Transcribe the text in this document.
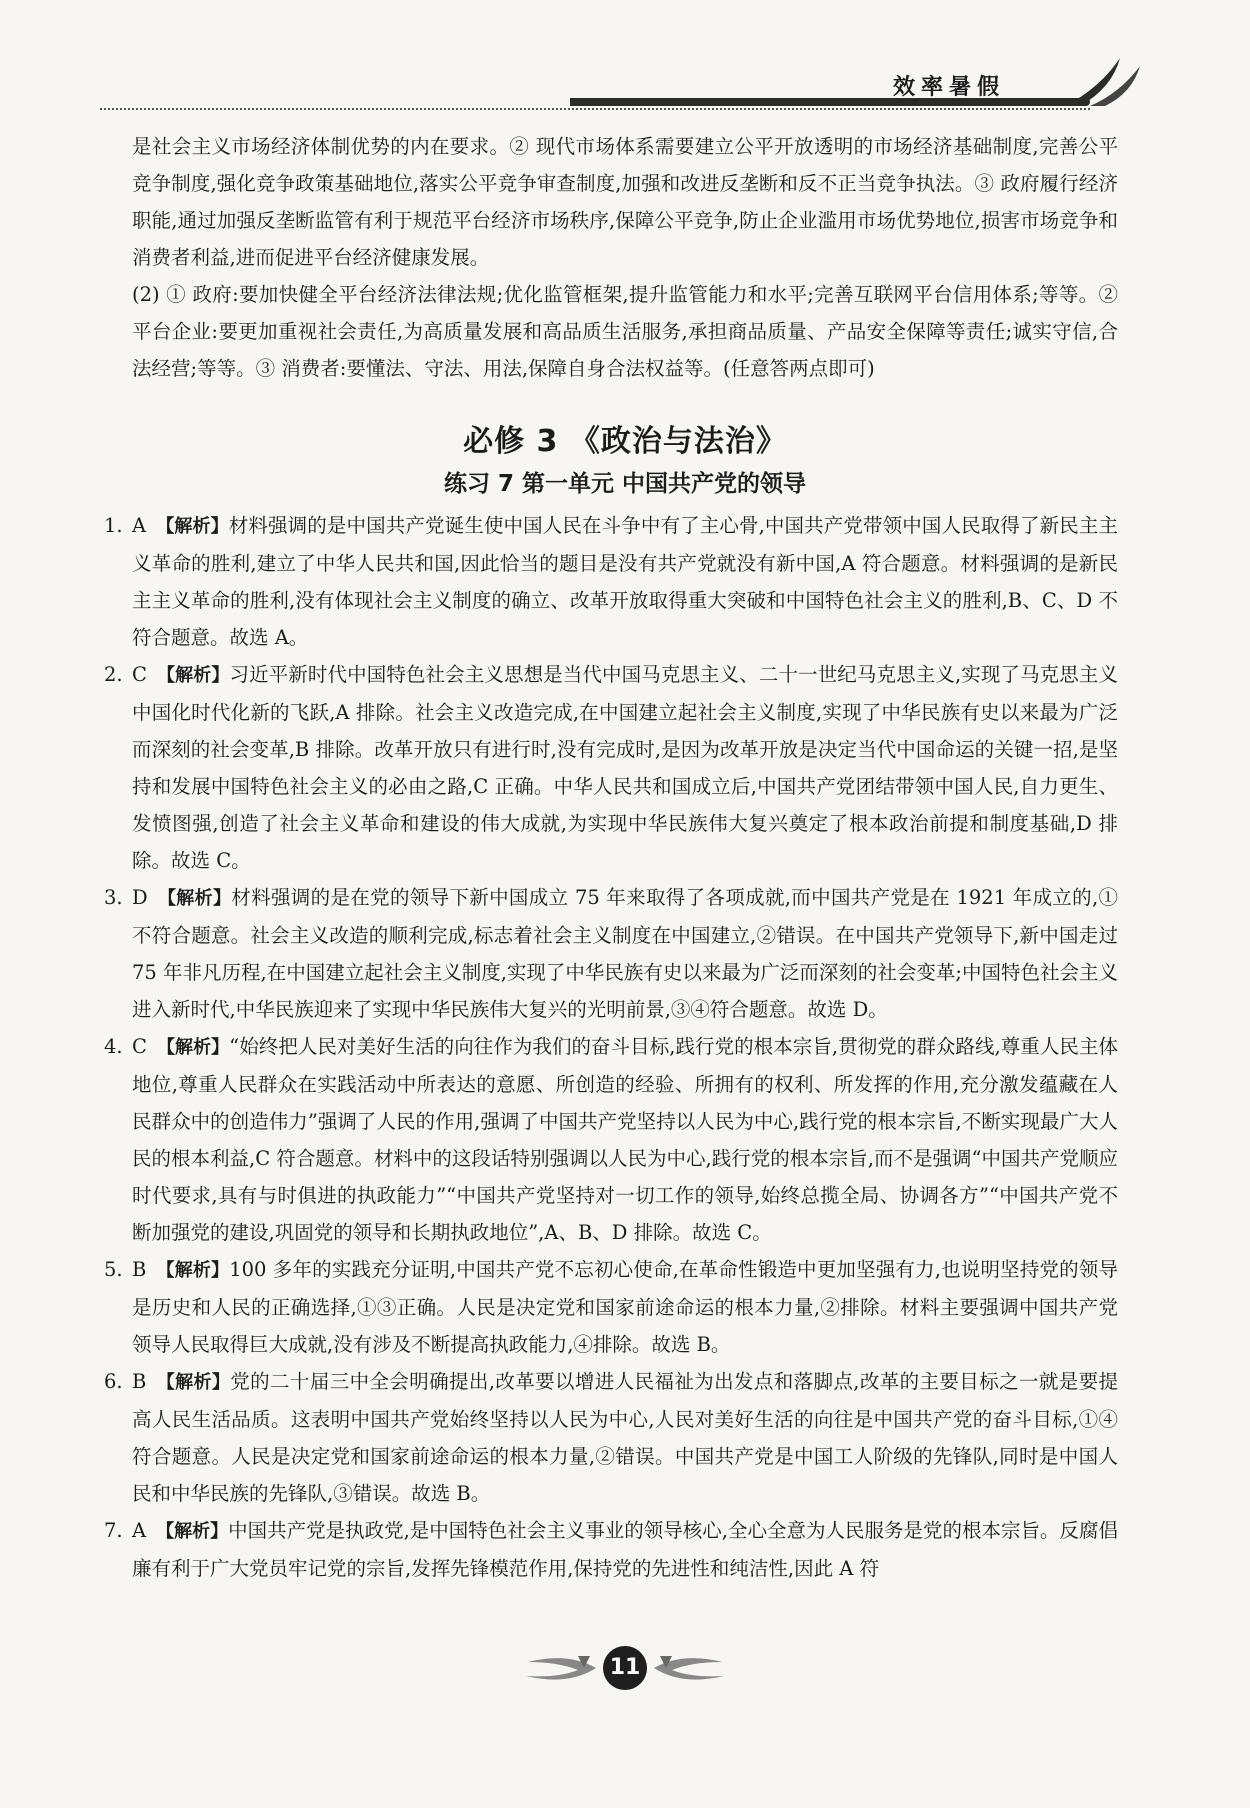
效率暑假

是社会主义市场经济体制优势的内在要求。② 现代市场体系需要建立公平开放透明的市场经济基础制度,完善公平竞争制度,强化竞争政策基础地位,落实公平竞争审查制度,加强和改进反垄断和反不正当竞争执法。③ 政府履行经济职能,通过加强反垄断监管有利于规范平台经济市场秩序,保障公平竞争,防止企业滥用市场优势地位,损害市场竞争和消费者利益,进而促进平台经济健康发展。

(2) ① 政府:要加快健全平台经济法律法规;优化监管框架,提升监管能力和水平;完善互联网平台信用体系;等等。② 平台企业:要更加重视社会责任,为高质量发展和高品质生活服务,承担商品质量、产品安全保障等责任;诚实守信,合法经营;等等。③ 消费者:要懂法、守法、用法,保障自身合法权益等。(任意答两点即可)

必修 3 《政治与法治》
练习 7 第一单元 中国共产党的领导

1. A 【解析】材料强调的是中国共产党诞生使中国人民在斗争中有了主心骨,中国共产党带领中国人民取得了新民主主义革命的胜利,建立了中华人民共和国,因此恰当的题目是没有共产党就没有新中国,A 符合题意。材料强调的是新民主主义革命的胜利,没有体现社会主义制度的确立、改革开放取得重大突破和中国特色社会主义的胜利,B、C、D 不符合题意。故选 A。

2. C 【解析】习近平新时代中国特色社会主义思想是当代中国马克思主义、二十一世纪马克思主义,实现了马克思主义中国化时代化新的飞跃,A 排除。社会主义改造完成,在中国建立起社会主义制度,实现了中华民族有史以来最为广泛而深刻的社会变革,B 排除。改革开放只有进行时,没有完成时,是因为改革开放是决定当代中国命运的关键一招,是坚持和发展中国特色社会主义的必由之路,C 正确。中华人民共和国成立后,中国共产党团结带领中国人民,自力更生、发愤图强,创造了社会主义革命和建设的伟大成就,为实现中华民族伟大复兴奠定了根本政治前提和制度基础,D 排除。故选 C。

3. D 【解析】材料强调的是在党的领导下新中国成立 75 年来取得了各项成就,而中国共产党是在 1921 年成立的,①不符合题意。社会主义改造的顺利完成,标志着社会主义制度在中国建立,②错误。在中国共产党领导下,新中国走过 75 年非凡历程,在中国建立起社会主义制度,实现了中华民族有史以来最为广泛而深刻的社会变革;中国特色社会主义进入新时代,中华民族迎来了实现中华民族伟大复兴的光明前景,③④符合题意。故选 D。

4. C 【解析】“始终把人民对美好生活的向往作为我们的奋斗目标,践行党的根本宗旨,贯彻党的群众路线,尊重人民主体地位,尊重人民群众在实践活动中所表达的意愿、所创造的经验、所拥有的权利、所发挥的作用,充分激发蕴藏在人民群众中的创造伟力”强调了人民的作用,强调了中国共产党坚持以人民为中心,践行党的根本宗旨,不断实现最广大人民的根本利益,C 符合题意。材料中的这段话特别强调以人民为中心,践行党的根本宗旨,而不是强调“中国共产党顺应时代要求,具有与时俱进的执政能力”“中国共产党坚持对一切工作的领导,始终总揽全局、协调各方”“中国共产党不断加强党的建设,巩固党的领导和长期执政地位”,A、B、D 排除。故选 C。

5. B 【解析】100 多年的实践充分证明,中国共产党不忘初心使命,在革命性锻造中更加坚强有力,也说明坚持党的领导是历史和人民的正确选择,①③正确。人民是决定党和国家前途命运的根本力量,②排除。材料主要强调中国共产党领导人民取得巨大成就,没有涉及不断提高执政能力,④排除。故选 B。

6. B 【解析】党的二十届三中全会明确提出,改革要以增进人民福祉为出发点和落脚点,改革的主要目标之一就是要提高人民生活品质。这表明中国共产党始终坚持以人民为中心,人民对美好生活的向往是中国共产党的奋斗目标,①④符合题意。人民是决定党和国家前途命运的根本力量,②错误。中国共产党是中国工人阶级的先锋队,同时是中国人民和中华民族的先锋队,③错误。故选 B。

7. A 【解析】中国共产党是执政党,是中国特色社会主义事业的领导核心,全心全意为人民服务是党的根本宗旨。反腐倡廉有利于广大党员牢记党的宗旨,发挥先锋模范作用,保持党的先进性和纯洁性,因此 A 符

11
